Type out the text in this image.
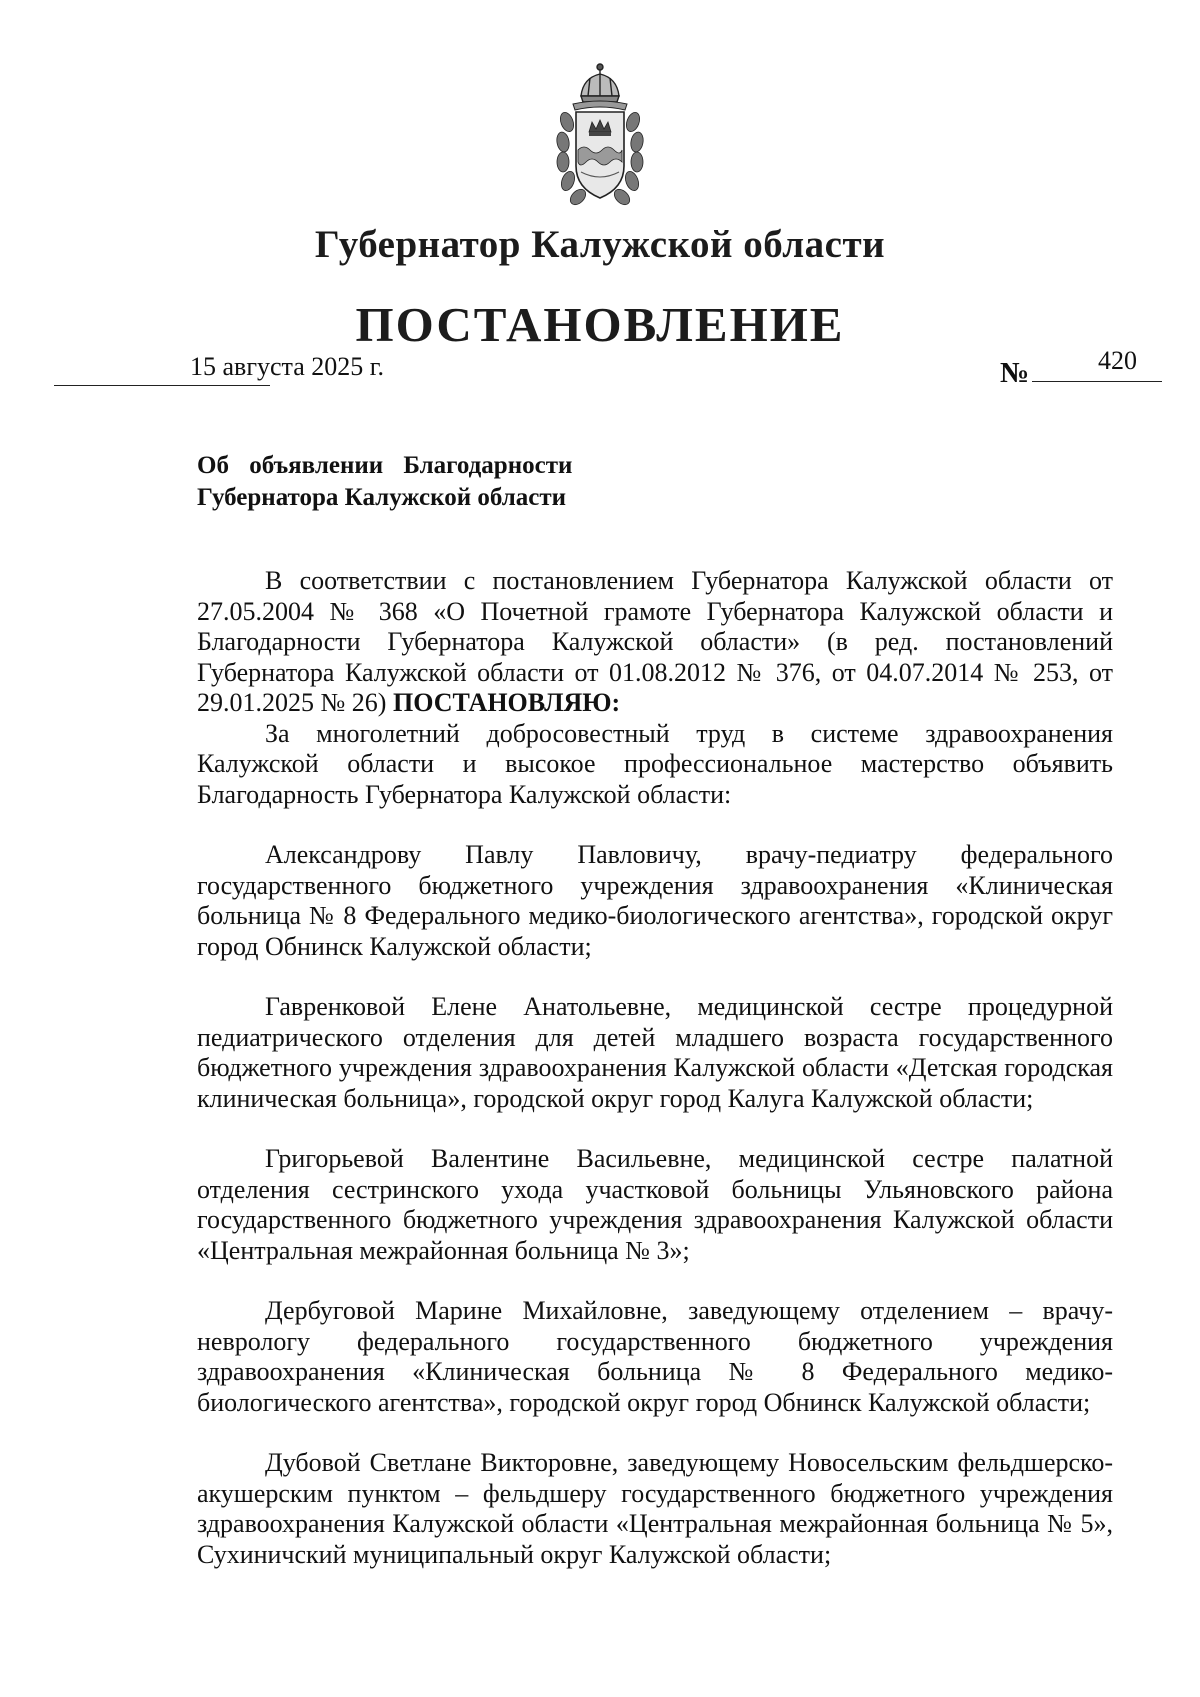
Губернатор Калужской области
ПОСТАНОВЛЕНИЕ
15 августа 2025 г.	№	420
Об объявлении Благодарности
Губернатора Калужской области

В соответствии с постановлением Губернатора Калужской области от 27.05.2004 № 368 «О Почетной грамоте Губернатора Калужской области и Благодарности Губернатора Калужской области» (в ред. постановлений Губернатора Калужской области от 01.08.2012 № 376, от 04.07.2014 № 253, от 29.01.2025 № 26) ПОСТАНОВЛЯЮ:

За многолетний добросовестный труд в системе здравоохранения Калужской области и высокое профессиональное мастерство объявить Благодарность Губернатора Калужской области:

Александрову Павлу Павловичу, врачу-педиатру федерального государственного бюджетного учреждения здравоохранения «Клиническая больница № 8 Федерального медико-биологического агентства», городской округ город Обнинск Калужской области;

Гавренковой Елене Анатольевне, медицинской сестре процедурной педиатрического отделения для детей младшего возраста государственного бюджетного учреждения здравоохранения Калужской области «Детская городская клиническая больница», городской округ город Калуга Калужской области;

Григорьевой Валентине Васильевне, медицинской сестре палатной отделения сестринского ухода участковой больницы Ульяновского района государственного бюджетного учреждения здравоохранения Калужской области «Центральная межрайонная больница № 3»;

Дербуговой Марине Михайловне, заведующему отделением – врачу-неврологу федерального государственного бюджетного учреждения здравоохранения «Клиническая больница № 8 Федерального медико-биологического агентства», городской округ город Обнинск Калужской области;

Дубовой Светлане Викторовне, заведующему Новосельским фельдшерско-акушерским пунктом – фельдшеру государственного бюджетного учреждения здравоохранения Калужской области «Центральная межрайонная больница № 5», Сухиничский муниципальный округ Калужской области;
